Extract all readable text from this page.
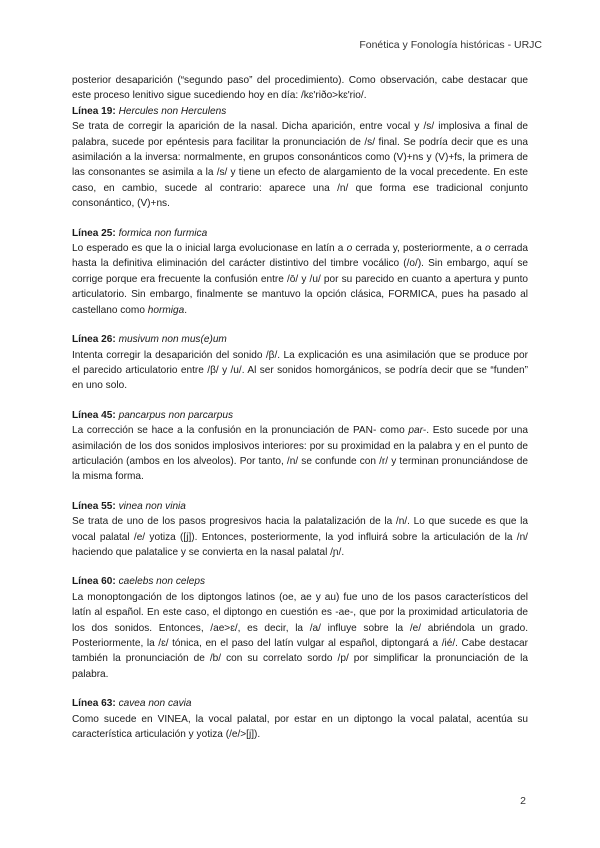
Fonética y Fonología históricas - URJC

posterior desaparición (“segundo paso” del procedimiento). Como observación, cabe destacar que este proceso lenitivo sigue sucediendo hoy en día: /kɛ'riðo>kɛ'rio/.

Línea 19: Hercules non Herculens

Se trata de corregir la aparición de la nasal. Dicha aparición, entre vocal y /s/ implosiva a final de palabra, sucede por epéntesis para facilitar la pronunciación de /s/ final. Se podría decir que es una asimilación a la inversa: normalmente, en grupos consonánticos como (V)+ns y (V)+fs, la primera de las consonantes se asimila a la /s/ y tiene un efecto de alargamiento de la vocal precedente. En este caso, en cambio, sucede al contrario: aparece una /n/ que forma ese tradicional conjunto consonántico, (V)+ns.

Línea 25: formica non furmica

Lo esperado es que la o inicial larga evolucionase en latín a o cerrada y, posteriormente, a o cerrada hasta la definitiva eliminación del carácter distintivo del timbre vocálico (/o/). Sin embargo, aquí se corrige porque era frecuente la confusión entre /ō/ y /u/ por su parecido en cuanto a apertura y punto articulatorio. Sin embargo, finalmente se mantuvo la opción clásica, FORMICA, pues ha pasado al castellano como hormiga.

Línea 26: musivum non mus(e)um

Intenta corregir la desaparición del sonido /β/. La explicación es una asimilación que se produce por el parecido articulatorio entre /β/ y /u/. Al ser sonidos homorgánicos, se podría decir que se “funden” en uno solo.

Línea 45: pancarpus non parcarpus

La corrección se hace a la confusión en la pronunciación de PAN- como par-. Esto sucede por una asimilación de los dos sonidos implosivos interiores: por su proximidad en la palabra y en el punto de articulación (ambos en los alveolos). Por tanto, /n/ se confunde con /r/ y terminan pronunciándose de la misma forma.

Línea 55: vinea non vinia

Se trata de uno de los pasos progresivos hacia la palatalización de la /n/. Lo que sucede es que la vocal palatal /e/ yotiza ([j]). Entonces, posteriormente, la yod influirá sobre la articulación de la /n/ haciendo que palatalice y se convierta en la nasal palatal /ɲ/.

Línea 60: caelebs non celeps

La monoptongación de los diptongos latinos (oe, ae y au) fue uno de los pasos característicos del latín al español. En este caso, el diptongo en cuestión es -ae-, que por la proximidad articulatoria de los dos sonidos. Entonces, /ae>ɛ/, es decir, la /a/ influye sobre la /e/ abriéndola un grado. Posteriormente, la /ɛ/ tónica, en el paso del latín vulgar al español, diptongará a /ié/. Cabe destacar también la pronunciación de /b/ con su correlato sordo /p/ por simplificar la pronunciación de la palabra.

Línea 63: cavea non cavia

Como sucede en VINEA, la vocal palatal, por estar en un diptongo la vocal palatal, acentúa su característica articulación y yotiza (/e/>[j]).

2
